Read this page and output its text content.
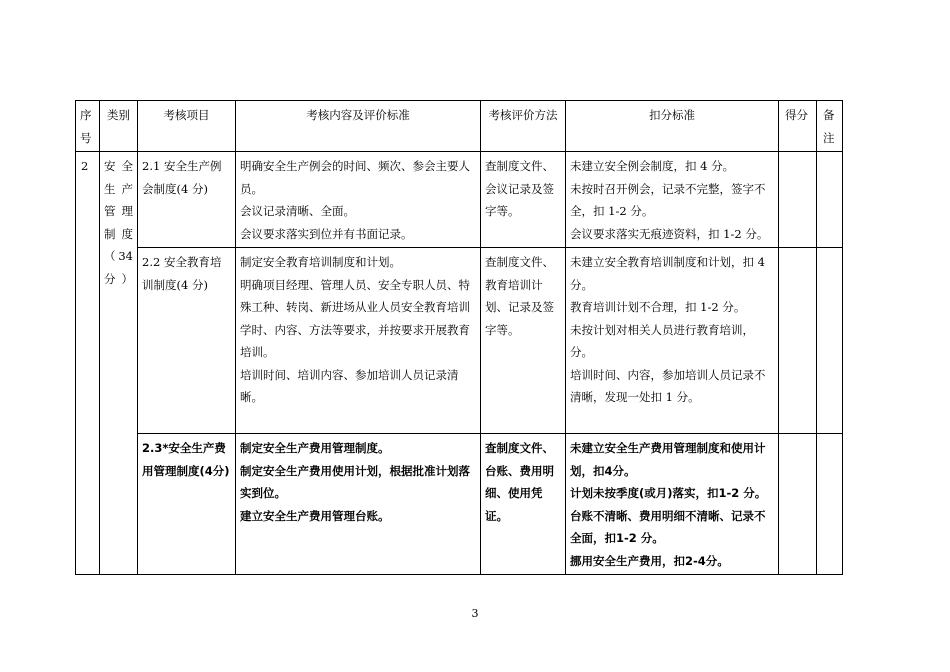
序号	类别	考核项目	考核内容及评价标准	考核评价方法	扣分标准	得分	备注
2	安全生产管理制度（34分）	2.1 安全生产例会制度(4 分)	明确安全生产例会的时间、频次、参会主要人员。
会议记录清晰、全面。
会议要求落实到位并有书面记录。	查制度文件、会议记录及签字等。	未建立安全例会制度，扣 4 分。
未按时召开例会，记录不完整，签字不全，扣 1-2 分。
会议要求落实无痕迹资料，扣 1-2 分。		

		2.2 安全教育培训制度(4 分)	制定安全教育培训制度和计划。
明确项目经理、管理人员、安全专职人员、特殊工种、转岗、新进场从业人员安全教育培训学时、内容、方法等要求，并按要求开展教育培训。
培训时间、培训内容、参加培训人员记录清晰。	查制度文件、教育培训计划、记录及签字等。	未建立安全教育培训制度和计划，扣 4 分。
教育培训计划不合理，扣 1-2 分。
未按计划对相关人员进行教育培训，分。
培训时间、内容，参加培训人员记录不清晰，发现一处扣 1 分。		

		2.3*安全生产费用管理制度(4分)	制定安全生产费用管理制度。
制定安全生产费用使用计划，根据批准计划落实到位。
建立安全生产费用管理台账。	查制度文件、台账、费用明细、使用凭证。	未建立安全生产费用管理制度和使用计划，扣4分。
计划未按季度(或月)落实，扣1-2 分。
台账不清晰、费用明细不清晰、记录不全面，扣1-2 分。
挪用安全生产费用，扣2-4分。		

3
